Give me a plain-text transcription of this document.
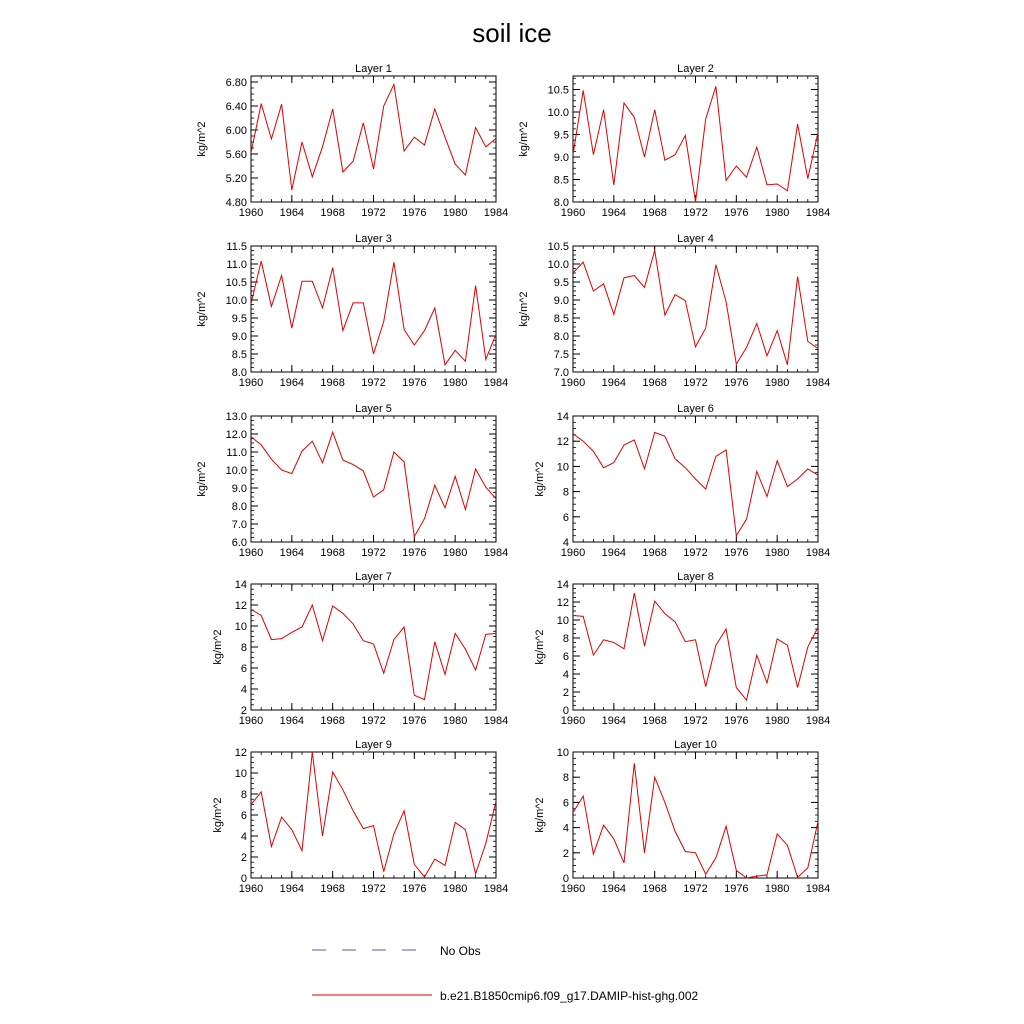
soil ice
Layer 1
1960 1964 1968 1972 1976 1980 1984
4.80
5.20
5.60
6.00
6.40
6.80
kg/m^2
Layer 2
1960 1964 1968 1972 1976 1980 1984
8.0
8.5
9.0
9.5
10.0
10.5
kg/m^2
Layer 3
1960 1964 1968 1972 1976 1980 1984
8.0
8.5
9.0
9.5
10.0
10.5
11.0
11.5
kg/m^2
Layer 4
1960 1964 1968 1972 1976 1980 1984
7.0
7.5
8.0
8.5
9.0
9.5
10.0
10.5
kg/m^2
Layer 5
1960 1964 1968 1972 1976 1980 1984
6.0
7.0
8.0
9.0
10.0
11.0
12.0
13.0
kg/m^2
Layer 6
1960 1964 1968 1972 1976 1980 1984
4
6
8
10
12
14
kg/m^2
Layer 7
1960 1964 1968 1972 1976 1980 1984
2
4
6
8
10
12
14
kg/m^2
Layer 8
1960 1964 1968 1972 1976 1980 1984
0
2
4
6
8
10
12
14
kg/m^2
Layer 9
1960 1964 1968 1972 1976 1980 1984
0
2
4
6
8
10
12
kg/m^2
Layer 10
1960 1964 1968 1972 1976 1980 1984
0
2
4
6
8
10
kg/m^2
No Obs
b.e21.B1850cmip6.f09_g17.DAMIP-hist-ghg.002
